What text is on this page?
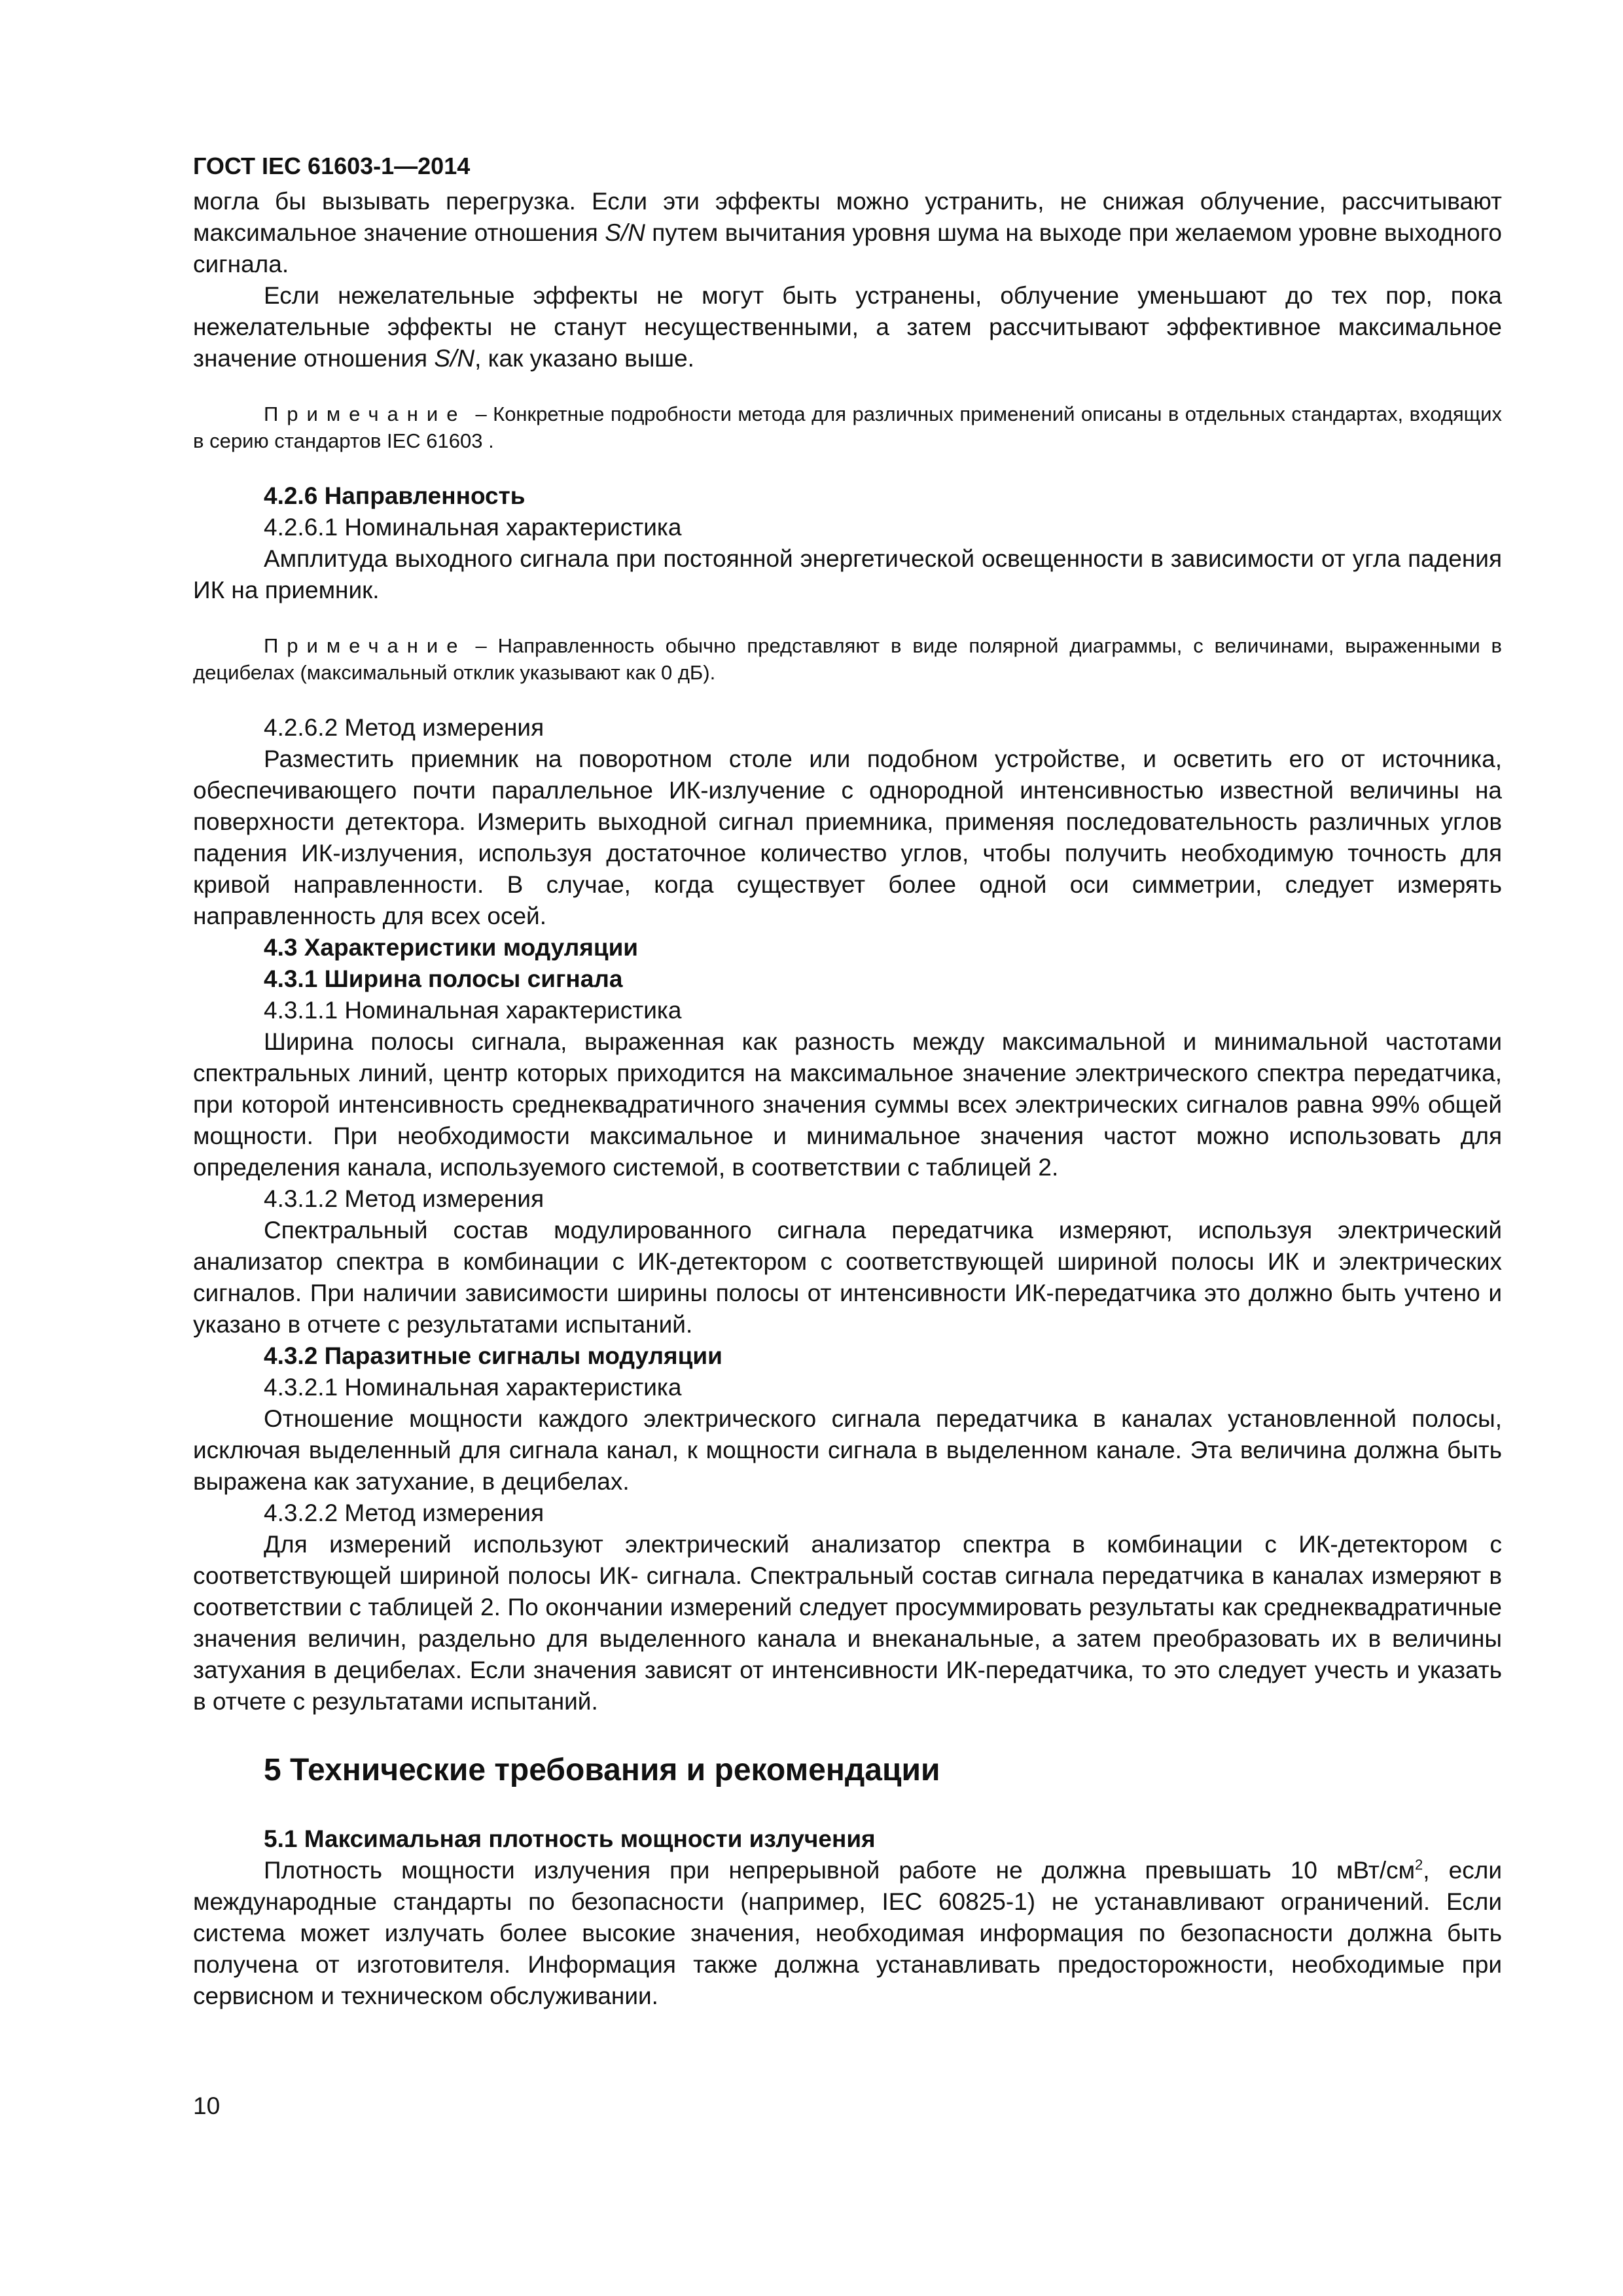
ГОСТ IEC 61603-1—2014

могла бы вызывать перегрузка. Если эти эффекты можно устранить, не снижая облучение, рассчитывают максимальное значение отношения S/N путем вычитания уровня шума на выходе при желаемом уровне выходного сигнала.

Если нежелательные эффекты не могут быть устранены, облучение уменьшают до тех пор, пока нежелательные эффекты не станут несущественными, а затем рассчитывают эффективное максимальное значение отношения S/N, как указано выше.

Примечание – Конкретные подробности метода для различных применений описаны в отдельных стандартах, входящих в серию стандартов IEC 61603 .

4.2.6 Направленность

4.2.6.1 Номинальная характеристика

Амплитуда выходного сигнала при постоянной энергетической освещенности в зависимости от угла падения ИК на приемник.

Примечание – Направленность обычно представляют в виде полярной диаграммы, с величинами, выраженными в децибелах (максимальный отклик указывают как 0 дБ).

4.2.6.2 Метод измерения

Разместить приемник на поворотном столе или подобном устройстве, и осветить его от источника, обеспечивающего почти параллельное ИК-излучение с однородной интенсивностью известной величины на поверхности детектора. Измерить выходной сигнал приемника, применяя последовательность различных углов падения ИК-излучения, используя достаточное количество углов, чтобы получить необходимую точность для кривой направленности. В случае, когда существует более одной оси симметрии, следует измерять направленность для всех осей.

4.3 Характеристики модуляции

4.3.1 Ширина полосы сигнала

4.3.1.1 Номинальная характеристика

Ширина полосы сигнала, выраженная как разность между максимальной и минимальной частотами спектральных линий, центр которых приходится на максимальное значение электрического спектра передатчика, при которой интенсивность среднеквадратичного значения суммы всех электрических сигналов равна 99% общей мощности. При необходимости максимальное и минимальное значения частот можно использовать для определения канала, используемого системой, в соответствии с таблицей 2.

4.3.1.2 Метод измерения

Спектральный состав модулированного сигнала передатчика измеряют, используя электрический анализатор спектра в комбинации с ИК-детектором с соответствующей шириной полосы ИК и электрических сигналов. При наличии зависимости ширины полосы от интенсивности ИК-передатчика это должно быть учтено и указано в отчете с результатами испытаний.

4.3.2 Паразитные сигналы модуляции

4.3.2.1 Номинальная характеристика

Отношение мощности каждого электрического сигнала передатчика в каналах установленной полосы, исключая выделенный для сигнала канал, к мощности сигнала в выделенном канале. Эта величина должна быть выражена как затухание, в децибелах.

4.3.2.2 Метод измерения

Для измерений используют электрический анализатор спектра в комбинации с ИК-детектором с соответствующей шириной полосы ИК- сигнала. Спектральный состав сигнала передатчика в каналах измеряют в соответствии с таблицей 2. По окончании измерений следует просуммировать результаты как среднеквадратичные значения величин, раздельно для выделенного канала и внеканальные, а затем преобразовать их в величины затухания в децибелах. Если значения зависят от интенсивности ИК-передатчика, то это следует учесть и указать в отчете с результатами испытаний.

5 Технические требования и рекомендации

5.1 Максимальная плотность мощности излучения

Плотность мощности излучения при непрерывной работе не должна превышать 10 мВт/$см^2$, если международные стандарты по безопасности (например, IEC 60825-1) не устанавливают ограничений. Если система может излучать более высокие значения, необходимая информация по безопасности должна быть получена от изготовителя. Информация также должна устанавливать предосторожности, необходимые при сервисном и техническом обслуживании.

10
